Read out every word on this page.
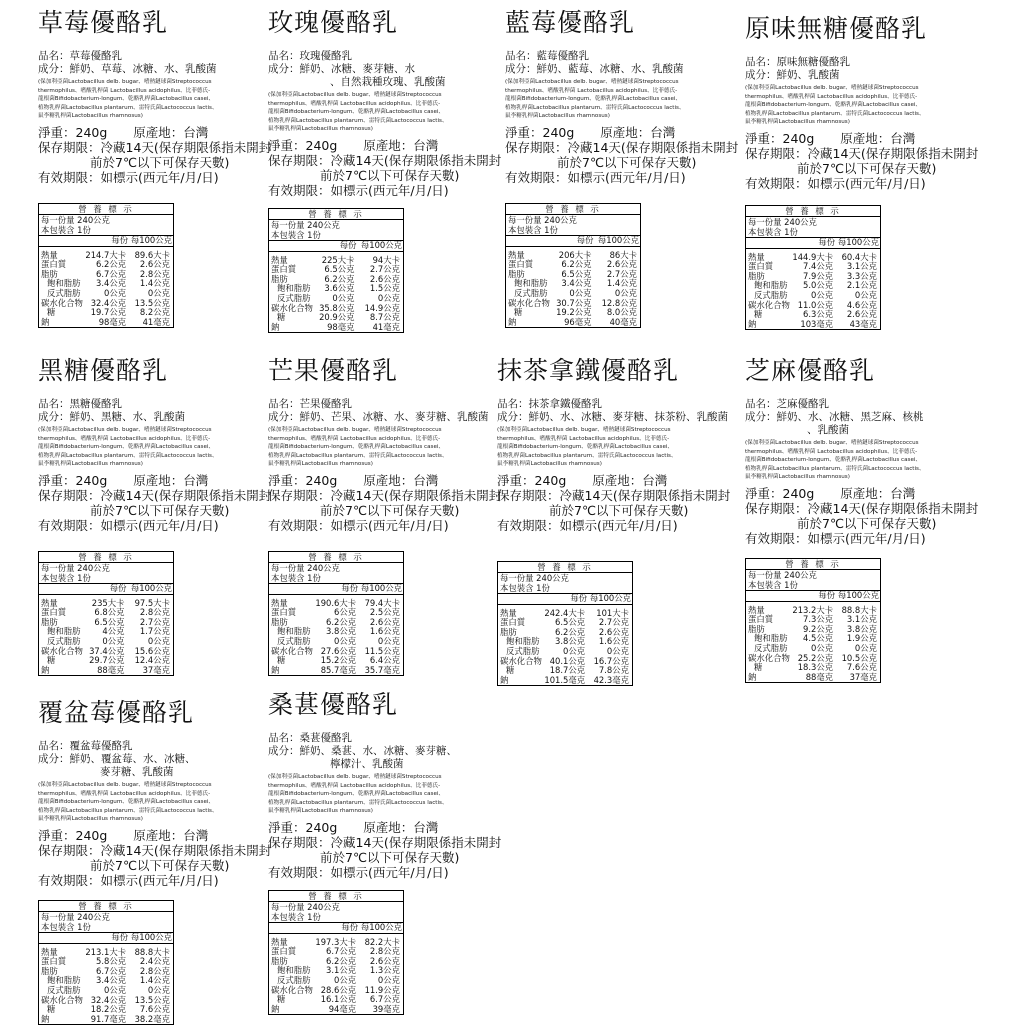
草莓優酪乳
品名：草莓優酪乳
成分：鮮奶、草莓、冰糖、水、乳酸菌
(保加利亞菌Lactobacillus delb. bugar、嗜熱鏈球菌Streptococcus
thermophilus、嗜酸乳桿菌 Lactobacillus acidophilus、比菲德氏-
龍根菌Bifidobacterium-longum、乾酪乳桿菌Lactobacillus casei、
植物乳桿菌Lactobacillus plantarum、雷特氏菌Lactococcus lactis、
鼠李糖乳桿菌Lactobacillus rhamnosus)
淨重：240g 原產地：台灣
保存期限：冷藏14天(保存期限係指未開封
前於7℃以下可保存天數)
有效期限：如標示(西元年/月/日)
營 養 標 示
每一份量 240公克
本包裝含 1份
	每份	每100公克

熱量	214.7大卡	89.6大卡
蛋白質	6.2公克	2.6公克
脂肪	6.7公克	2.8公克
飽和脂肪	3.4公克	1.4公克
反式脂肪	0公克	0公克
碳水化合物	32.4公克	13.5公克
糖	19.7公克	8.2公克
鈉	98毫克	41毫克
玫瑰優酪乳
品名：玫瑰優酪乳
成分：鮮奶、冰糖、麥芽糖、水
、自然栽種玫瑰、乳酸菌
(保加利亞菌Lactobacillus delb. bugar、嗜熱鏈球菌Streptococcus
thermophilus、嗜酸乳桿菌 Lactobacillus acidophilus、比菲德氏-
龍根菌Bifidobacterium-longum、乾酪乳桿菌Lactobacillus casei、
植物乳桿菌Lactobacillus plantarum、雷特氏菌Lactococcus lactis、
鼠李糖乳桿菌Lactobacillus rhamnosus)
淨重：240g 原產地：台灣
保存期限：冷藏14天(保存期限係指未開封
前於7℃以下可保存天數)
有效期限：如標示(西元年/月/日)
營 養 標 示
每一份量 240公克
本包裝含 1份
	每份	每100公克

熱量	225大卡	94大卡
蛋白質	6.5公克	2.7公克
脂肪	6.2公克	2.6公克
飽和脂肪	3.6公克	1.5公克
反式脂肪	0公克	0公克
碳水化合物	35.8公克	14.9公克
糖	20.9公克	8.7公克
鈉	98毫克	41毫克
藍莓優酪乳
品名：藍莓優酪乳
成分：鮮奶、藍莓、冰糖、水、乳酸菌
(保加利亞菌Lactobacillus delb. bugar、嗜熱鏈球菌Streptococcus
thermophilus、嗜酸乳桿菌 Lactobacillus acidophilus、比菲德氏-
龍根菌Bifidobacterium-longum、乾酪乳桿菌Lactobacillus casei、
植物乳桿菌Lactobacillus plantarum、雷特氏菌Lactococcus lactis、
鼠李糖乳桿菌Lactobacillus rhamnosus)
淨重：240g 原產地：台灣
保存期限：冷藏14天(保存期限係指未開封
前於7℃以下可保存天數)
有效期限：如標示(西元年/月/日)
營 養 標 示
每一份量 240公克
本包裝含 1份
	每份	每100公克

熱量	206大卡	86大卡
蛋白質	6.2公克	2.6公克
脂肪	6.5公克	2.7公克
飽和脂肪	3.4公克	1.4公克
反式脂肪	0公克	0公克
碳水化合物	30.7公克	12.8公克
糖	19.2公克	8.0公克
鈉	96毫克	40毫克
原味無糖優酪乳
品名：原味無糖優酪乳
成分：鮮奶、乳酸菌
(保加利亞菌Lactobacillus delb. bugar、嗜熱鏈球菌Streptococcus
thermophilus、嗜酸乳桿菌 Lactobacillus acidophilus、比菲德氏-
龍根菌Bifidobacterium-longum、乾酪乳桿菌Lactobacillus casei、
植物乳桿菌Lactobacillus plantarum、雷特氏菌Lactococcus lactis、
鼠李糖乳桿菌Lactobacillus rhamnosus)
淨重：240g 原產地：台灣
保存期限：冷藏14天(保存期限係指未開封
前於7℃以下可保存天數)
有效期限：如標示(西元年/月/日)
營 養 標 示
每一份量 240公克
本包裝含 1份
	每份	每100公克

熱量	144.9大卡	60.4大卡
蛋白質	7.4公克	3.1公克
脂肪	7.9公克	3.3公克
飽和脂肪	5.0公克	2.1公克
反式脂肪	0公克	0公克
碳水化合物	11.0公克	4.6公克
糖	6.3公克	2.6公克
鈉	103毫克	43毫克
黑糖優酪乳
品名：黑糖優酪乳
成分：鮮奶、黑糖、水、乳酸菌
(保加利亞菌Lactobacillus delb. bugar、嗜熱鏈球菌Streptococcus
thermophilus、嗜酸乳桿菌 Lactobacillus acidophilus、比菲德氏-
龍根菌Bifidobacterium-longum、乾酪乳桿菌Lactobacillus casei、
植物乳桿菌Lactobacillus plantarum、雷特氏菌Lactococcus lactis、
鼠李糖乳桿菌Lactobacillus rhamnosus)
淨重：240g 原產地：台灣
保存期限：冷藏14天(保存期限係指未開封
前於7℃以下可保存天數)
有效期限：如標示(西元年/月/日)
營 養 標 示
每一份量 240公克
本包裝含 1份
	每份	每100公克

熱量	235大卡	97.5大卡
蛋白質	6.8公克	2.8公克
脂肪	6.5公克	2.7公克
飽和脂肪	4公克	1.7公克
反式脂肪	0公克	0公克
碳水化合物	37.4公克	15.6公克
糖	29.7公克	12.4公克
鈉	88毫克	37毫克
芒果優酪乳
品名：芒果優酪乳
成分：鮮奶、芒果、冰糖、水、麥芽糖、乳酸菌
(保加利亞菌Lactobacillus delb. bugar、嗜熱鏈球菌Streptococcus
thermophilus、嗜酸乳桿菌 Lactobacillus acidophilus、比菲德氏-
龍根菌Bifidobacterium-longum、乾酪乳桿菌Lactobacillus casei、
植物乳桿菌Lactobacillus plantarum、雷特氏菌Lactococcus lactis、
鼠李糖乳桿菌Lactobacillus rhamnosus)
淨重：240g 原產地：台灣
保存期限：冷藏14天(保存期限係指未開封
前於7℃以下可保存天數)
有效期限：如標示(西元年/月/日)
營 養 標 示
每一份量 240公克
本包裝含 1份
	每份	每100公克

熱量	190.6大卡	79.4大卡
蛋白質	6公克	2.5公克
脂肪	6.2公克	2.6公克
飽和脂肪	3.8公克	1.6公克
反式脂肪	0公克	0公克
碳水化合物	27.6公克	11.5公克
糖	15.2公克	6.4公克
鈉	85.7毫克	35.7毫克
抹茶拿鐵優酪乳
品名：抹茶拿鐵優酪乳
成分：鮮奶、水、冰糖、麥芽糖、抹茶粉、乳酸菌
(保加利亞菌Lactobacillus delb. bugar、嗜熱鏈球菌Streptococcus
thermophilus、嗜酸乳桿菌 Lactobacillus acidophilus、比菲德氏-
龍根菌Bifidobacterium-longum、乾酪乳桿菌Lactobacillus casei、
植物乳桿菌Lactobacillus plantarum、雷特氏菌Lactococcus lactis、
鼠李糖乳桿菌Lactobacillus rhamnosus)
淨重：240g 原產地：台灣
保存期限：冷藏14天(保存期限係指未開封
前於7℃以下可保存天數)
有效期限：如標示(西元年/月/日)
營 養 標 示
每一份量 240公克
本包裝含 1份
	每份	每100公克

熱量	242.4大卡	101大卡
蛋白質	6.5公克	2.7公克
脂肪	6.2公克	2.6公克
飽和脂肪	3.8公克	1.6公克
反式脂肪	0公克	0公克
碳水化合物	40.1公克	16.7公克
糖	18.7公克	7.8公克
鈉	101.5毫克	42.3毫克
芝麻優酪乳
品名：芝麻優酪乳
成分：鮮奶、水、冰糖、黑芝麻、核桃
、乳酸菌
(保加利亞菌Lactobacillus delb. bugar、嗜熱鏈球菌Streptococcus
thermophilus、嗜酸乳桿菌 Lactobacillus acidophilus、比菲德氏-
龍根菌Bifidobacterium-longum、乾酪乳桿菌Lactobacillus casei、
植物乳桿菌Lactobacillus plantarum、雷特氏菌Lactococcus lactis、
鼠李糖乳桿菌Lactobacillus rhamnosus)
淨重：240g 原產地：台灣
保存期限：冷藏14天(保存期限係指未開封
前於7℃以下可保存天數)
有效期限：如標示(西元年/月/日)
營 養 標 示
每一份量 240公克
本包裝含 1份
	每份	每100公克

熱量	213.2大卡	88.8大卡
蛋白質	7.3公克	3.1公克
脂肪	9.2公克	3.8公克
飽和脂肪	4.5公克	1.9公克
反式脂肪	0公克	0公克
碳水化合物	25.2公克	10.5公克
糖	18.3公克	7.6公克
鈉	88毫克	37毫克
覆盆莓優酪乳
品名：覆盆莓優酪乳
成分：鮮奶、覆盆莓、水、冰糖、
麥芽糖、乳酸菌
(保加利亞菌Lactobacillus delb. bugar、嗜熱鏈球菌Streptococcus
thermophilus、嗜酸乳桿菌 Lactobacillus acidophilus、比菲德氏-
龍根菌Bifidobacterium-longum、乾酪乳桿菌Lactobacillus casei、
植物乳桿菌Lactobacillus plantarum、雷特氏菌Lactococcus lactis、
鼠李糖乳桿菌Lactobacillus rhamnosus)
淨重：240g 原產地：台灣
保存期限：冷藏14天(保存期限係指未開封
前於7℃以下可保存天數)
有效期限：如標示(西元年/月/日)
營 養 標 示
每一份量 240公克
本包裝含 1份
	每份	每100公克

熱量	213.1大卡	88.8大卡
蛋白質	5.8公克	2.4公克
脂肪	6.7公克	2.8公克
飽和脂肪	3.4公克	1.4公克
反式脂肪	0公克	0公克
碳水化合物	32.4公克	13.5公克
糖	18.2公克	7.6公克
鈉	91.7毫克	38.2毫克
桑葚優酪乳
品名：桑葚優酪乳
成分：鮮奶、桑葚、水、冰糖、麥芽糖、
檸檬汁、乳酸菌
(保加利亞菌Lactobacillus delb. bugar、嗜熱鏈球菌Streptococcus
thermophilus、嗜酸乳桿菌 Lactobacillus acidophilus、比菲德氏-
龍根菌Bifidobacterium-longum、乾酪乳桿菌Lactobacillus casei、
植物乳桿菌Lactobacillus plantarum、雷特氏菌Lactococcus lactis、
鼠李糖乳桿菌Lactobacillus rhamnosus)
淨重：240g 原產地：台灣
保存期限：冷藏14天(保存期限係指未開封
前於7℃以下可保存天數)
有效期限：如標示(西元年/月/日)
營 養 標 示
每一份量 240公克
本包裝含 1份
	每份	每100公克

熱量	197.3大卡	82.2大卡
蛋白質	6.7公克	2.8公克
脂肪	6.2公克	2.6公克
飽和脂肪	3.1公克	1.3公克
反式脂肪	0公克	0公克
碳水化合物	28.6公克	11.9公克
糖	16.1公克	6.7公克
鈉	94毫克	39毫克
